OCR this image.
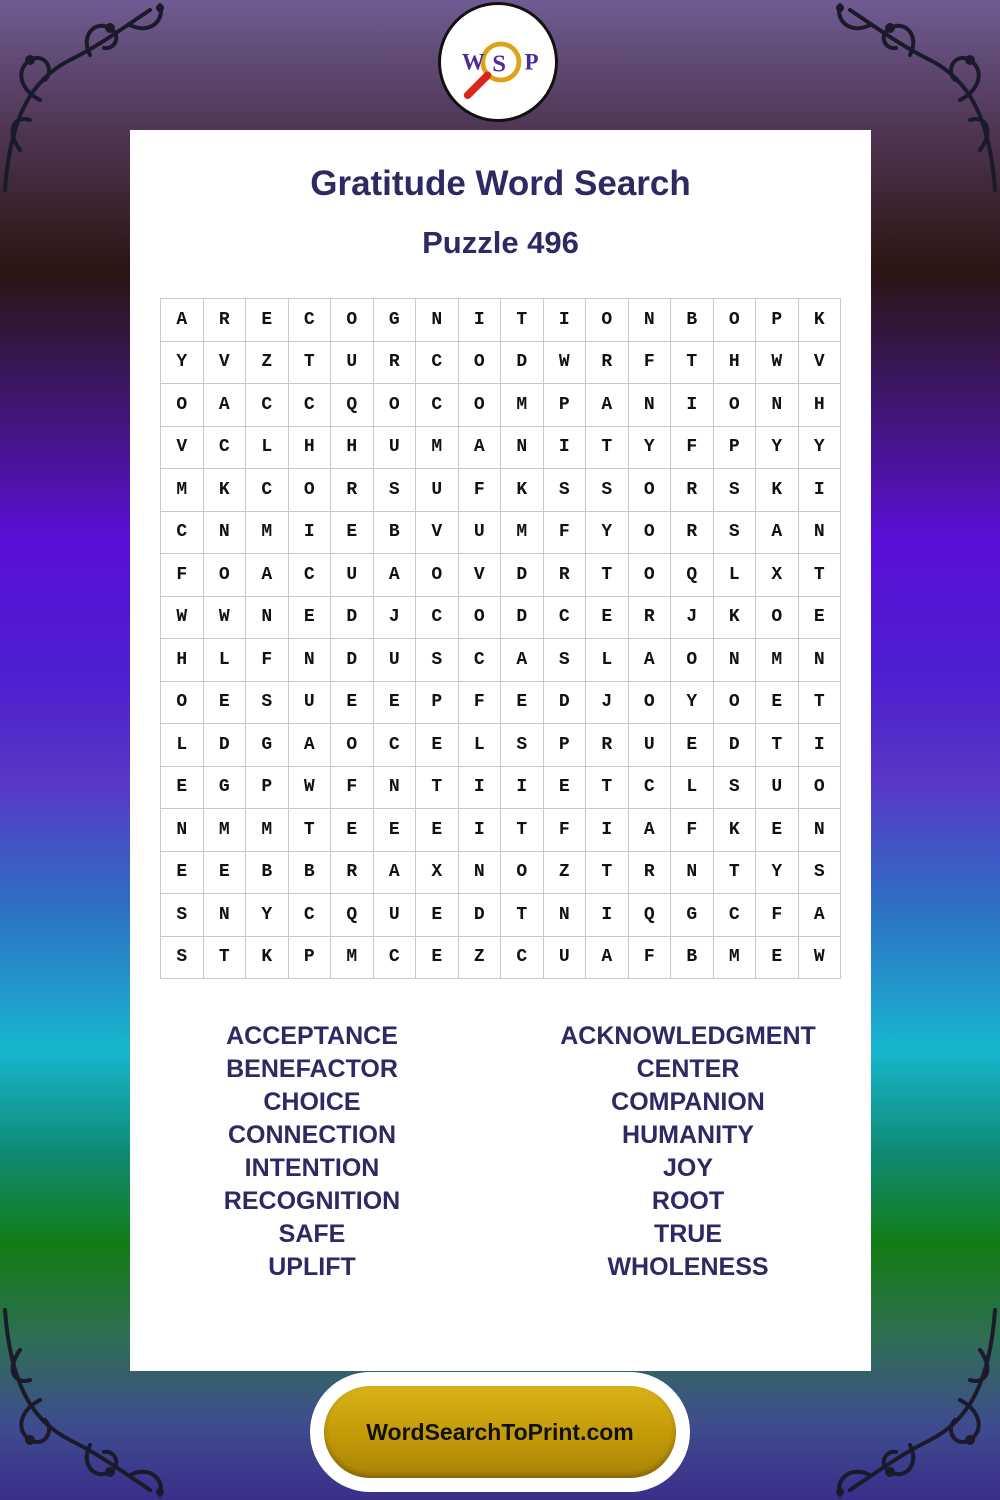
W S P
Gratitude Word Search
Puzzle 496
A	R	E	C	O	G	N	I	T	I	O	N	B	O	P	K
Y	V	Z	T	U	R	C	O	D	W	R	F	T	H	W	V
O	A	C	C	Q	O	C	O	M	P	A	N	I	O	N	H
V	C	L	H	H	U	M	A	N	I	T	Y	F	P	Y	Y
M	K	C	O	R	S	U	F	K	S	S	O	R	S	K	I
C	N	M	I	E	B	V	U	M	F	Y	O	R	S	A	N
F	O	A	C	U	A	O	V	D	R	T	O	Q	L	X	T
W	W	N	E	D	J	C	O	D	C	E	R	J	K	O	E
H	L	F	N	D	U	S	C	A	S	L	A	O	N	M	N
O	E	S	U	E	E	P	F	E	D	J	O	Y	O	E	T
L	D	G	A	O	C	E	L	S	P	R	U	E	D	T	I
E	G	P	W	F	N	T	I	I	E	T	C	L	S	U	O
N	M	M	T	E	E	E	I	T	F	I	A	F	K	E	N
E	E	B	B	R	A	X	N	O	Z	T	R	N	T	Y	S
S	N	Y	C	Q	U	E	D	T	N	I	Q	G	C	F	A
S	T	K	P	M	C	E	Z	C	U	A	F	B	M	E	W
ACCEPTANCE
BENEFACTOR
CHOICE
CONNECTION
INTENTION
RECOGNITION
SAFE
UPLIFT
ACKNOWLEDGMENT
CENTER
COMPANION
HUMANITY
JOY
ROOT
TRUE
WHOLENESS
WordSearchToPrint.com
